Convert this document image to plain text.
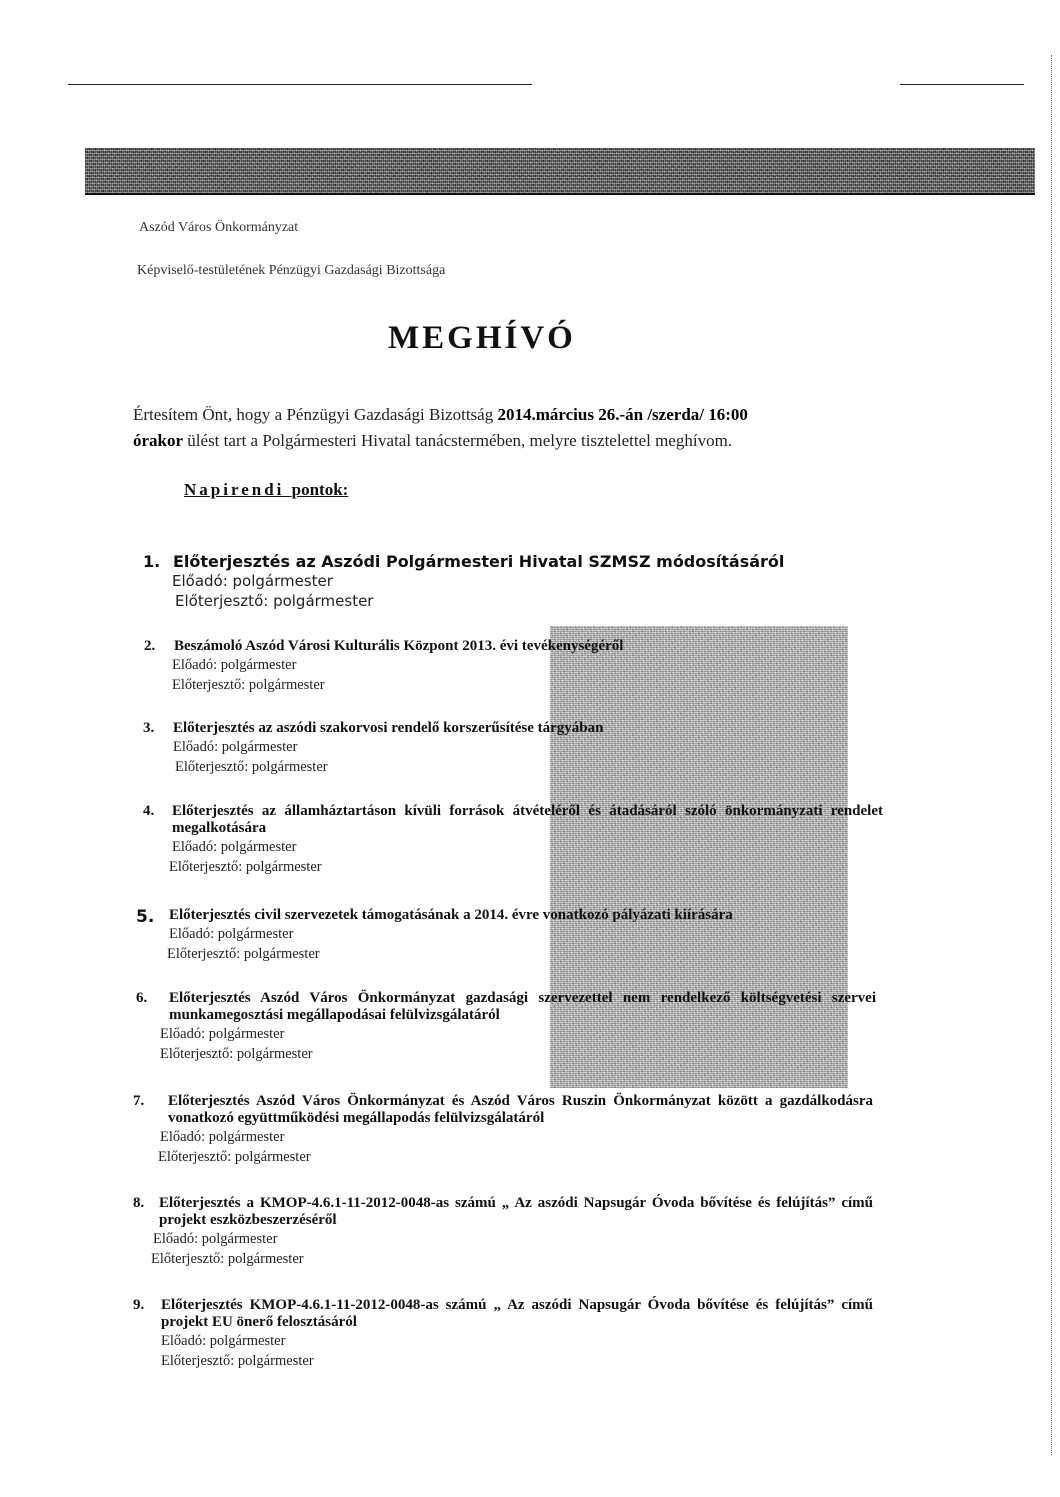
Aszód Város Önkormányzat
Képviselő-testületének Pénzügyi Gazdasági Bizottsága
MEGHÍVÓ
Értesítem Önt, hogy a Pénzügyi Gazdasági Bizottság 2014.március 26.-án /szerda/ 16:00
órakor ülést tart a Polgármesteri Hivatal tanácstermében, melyre tisztelettel meghívom.
Napirendi pontok:
1. Előterjesztés az Aszódi Polgármesteri Hivatal SZMSZ módosításáról
Előadó: polgármester
Előterjesztő: polgármester
2. Beszámoló Aszód Városi Kulturális Központ 2013. évi tevékenységéről
Előadó: polgármester
Előterjesztő: polgármester
3. Előterjesztés az aszódi szakorvosi rendelő korszerűsítése tárgyában
Előadó: polgármester
Előterjesztő: polgármester
4. Előterjesztés az államháztartáson kívüli források átvételéről és átadásáról szóló önkormányzati rendelet megalkotására
Előadó: polgármester
Előterjesztő: polgármester
5. Előterjesztés civil szervezetek támogatásának a 2014. évre vonatkozó pályázati kiírására
Előadó: polgármester
Előterjesztő: polgármester
6. Előterjesztés Aszód Város Önkormányzat gazdasági szervezettel nem rendelkező költségvetési szervei munkamegosztási megállapodásai felülvizsgálatáról
Előadó: polgármester
Előterjesztő: polgármester
7. Előterjesztés Aszód Város Önkormányzat és Aszód Város Ruszin Önkormányzat között a gazdálkodásra vonatkozó együttműködési megállapodás felülvizsgálatáról
Előadó: polgármester
Előterjesztő: polgármester
8. Előterjesztés a KMOP-4.6.1-11-2012-0048-as számú „ Az aszódi Napsugár Óvoda bővítése és felújítás” című projekt eszközbeszerzéséről
Előadó: polgármester
Előterjesztő: polgármester
9. Előterjesztés KMOP-4.6.1-11-2012-0048-as számú „ Az aszódi Napsugár Óvoda bővítése és felújítás” című projekt EU önerő felosztásáról
Előadó: polgármester
Előterjesztő: polgármester
